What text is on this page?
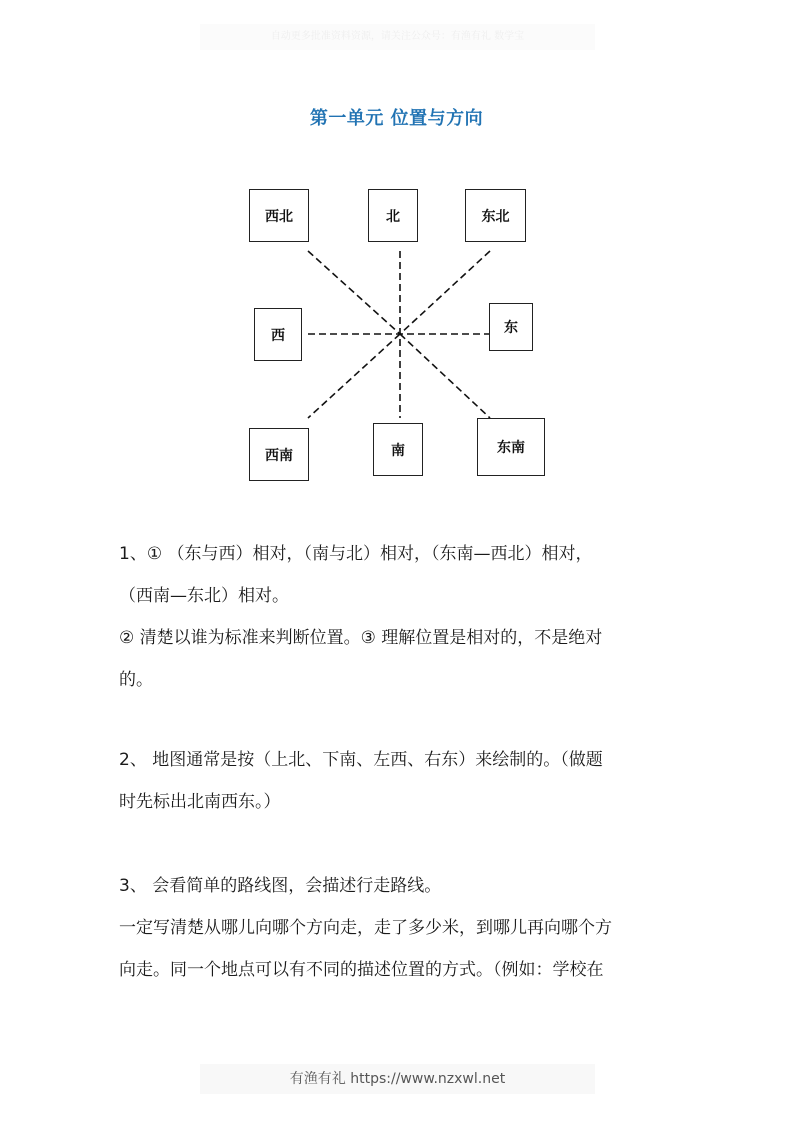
自动更多批准资料资源，请关注公众号：有渔有礼 数学宝
第一单元 位置与方向
西北	北	东北
西	东
西南	南	东南
1、① （东与西）相对，（南与北）相对，（东南—西北）相对，
（西南—东北）相对。
② 清楚以谁为标准来判断位置。③ 理解位置是相对的，不是绝对
的。
2、 地图通常是按（上北、下南、左西、右东）来绘制的。（做题
时先标出北南西东。）
3、 会看简单的路线图，会描述行走路线。
一定写清楚从哪儿向哪个方向走，走了多少米，到哪儿再向哪个方
向走。同一个地点可以有不同的描述位置的方式。（例如：学校在
有渔有礼 https://www.nzxwl.net
